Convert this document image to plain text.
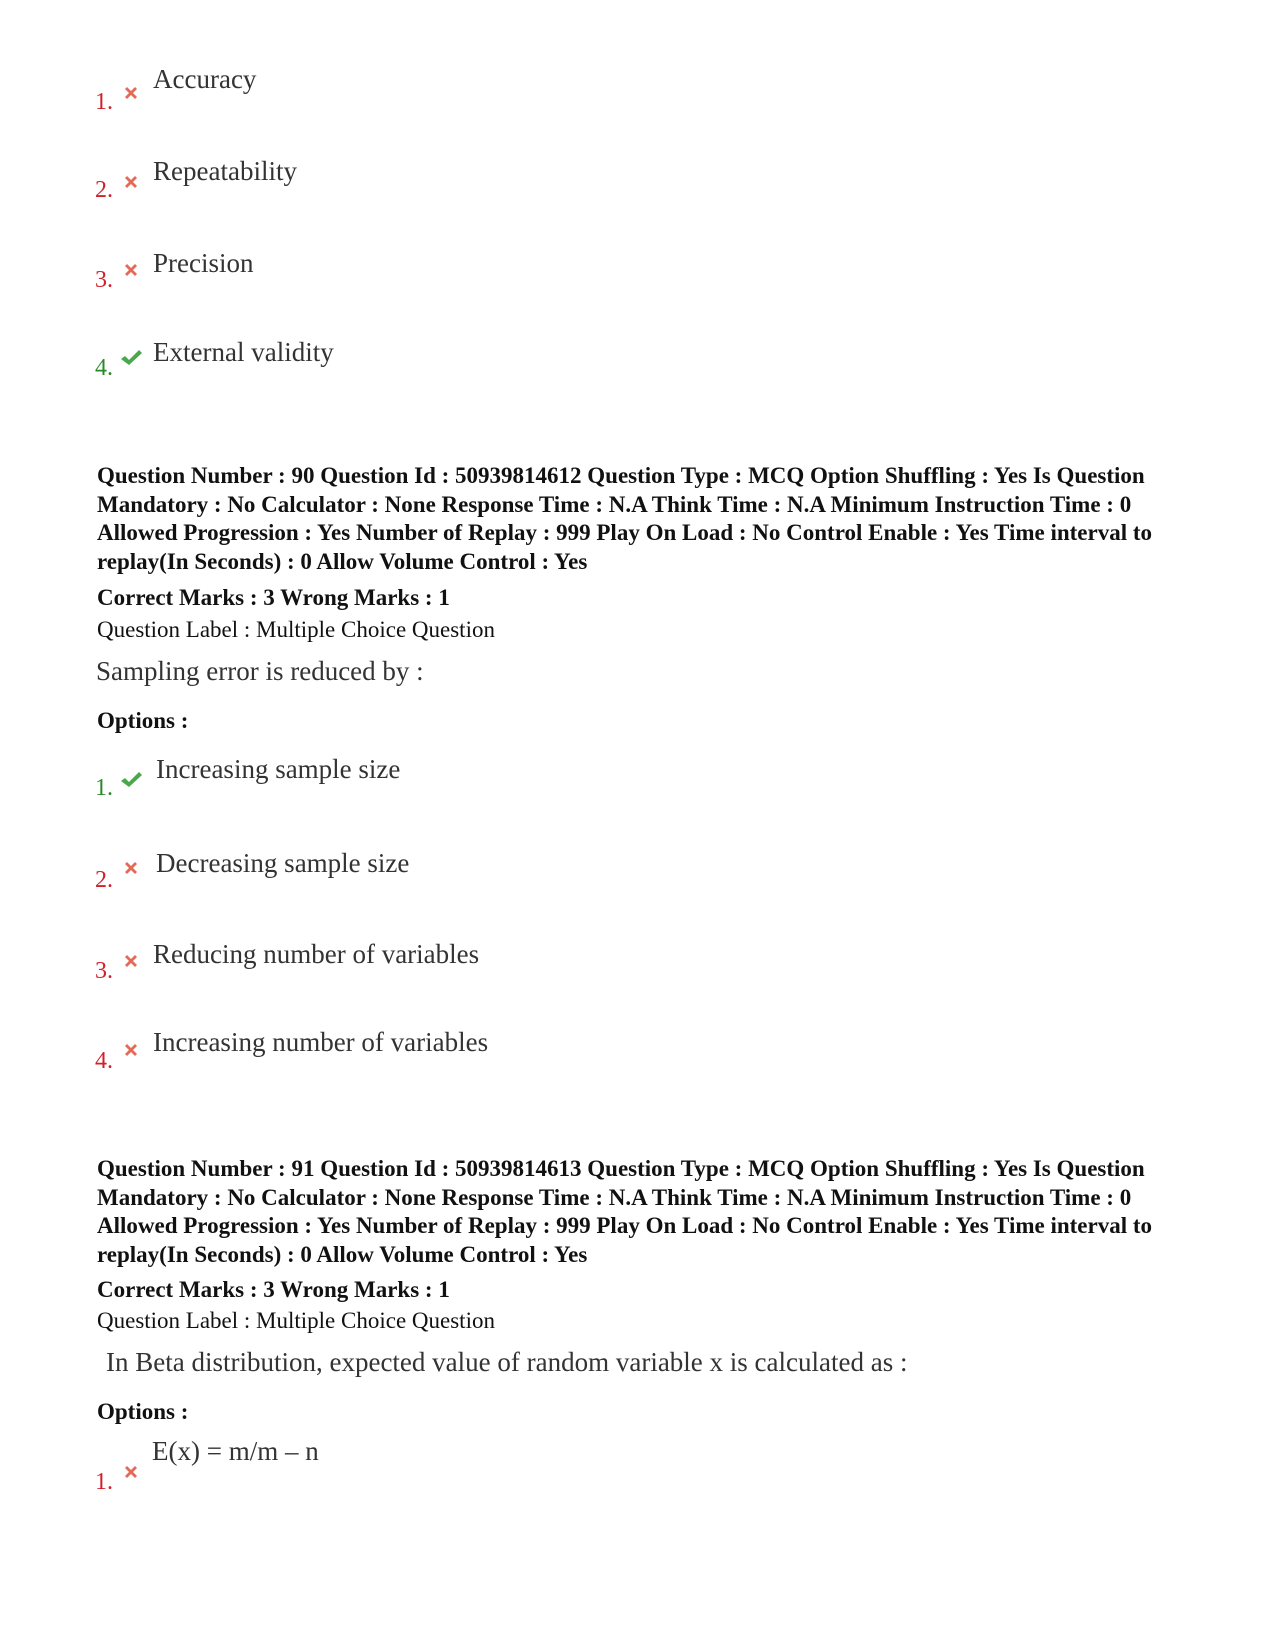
1.
Accuracy
2.
Repeatability
3.
Precision
4.
External validity
Question Number : 90 Question Id : 50939814612 Question Type : MCQ Option Shuffling : Yes Is Question Mandatory : No Calculator : None Response Time : N.A Think Time : N.A Minimum Instruction Time : 0 Allowed Progression : Yes Number of Replay : 999 Play On Load : No Control Enable : Yes Time interval to replay(In Seconds) : 0 Allow Volume Control : Yes
Correct Marks : 3 Wrong Marks : 1
Question Label : Multiple Choice Question
Sampling error is reduced by :
Options :
1.
Increasing sample size
2.
Decreasing sample size
3.
Reducing number of variables
4.
Increasing number of variables
Question Number : 91 Question Id : 50939814613 Question Type : MCQ Option Shuffling : Yes Is Question Mandatory : No Calculator : None Response Time : N.A Think Time : N.A Minimum Instruction Time : 0 Allowed Progression : Yes Number of Replay : 999 Play On Load : No Control Enable : Yes Time interval to replay(In Seconds) : 0 Allow Volume Control : Yes
Correct Marks : 3 Wrong Marks : 1
Question Label : Multiple Choice Question
In Beta distribution, expected value of random variable x is calculated as :
Options :
1.
E(x) = m/m – n
